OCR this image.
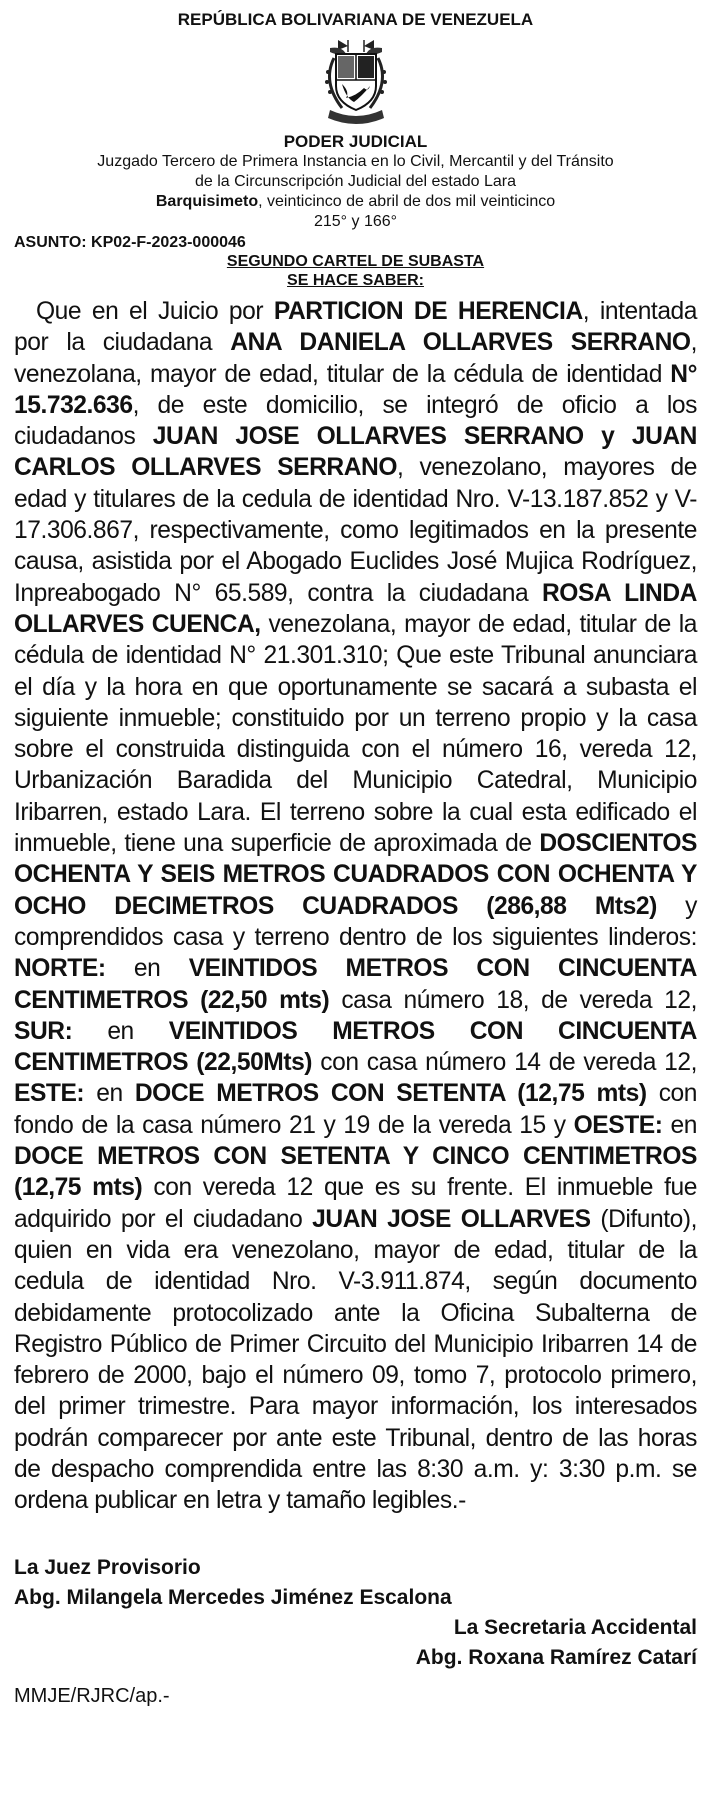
REPÚBLICA BOLIVARIANA DE VENEZUELA
PODER JUDICIAL
Juzgado Tercero de Primera Instancia en lo Civil, Mercantil y del Tránsito
de la Circunscripción Judicial del estado Lara
Barquisimeto, veinticinco de abril de dos mil veinticinco
215° y 166°
ASUNTO: KP02-F-2023-000046
SEGUNDO CARTEL DE SUBASTA
SE HACE SABER:
Que en el Juicio por PARTICION DE HERENCIA, intentada por la ciudadana ANA DANIELA OLLARVES SERRANO, venezolana, mayor de edad, titular de la cédula de identidad N° 15.732.636, de este domicilio, se integró de oficio a los ciudadanos JUAN JOSE OLLARVES SERRANO y JUAN CARLOS OLLARVES SERRANO, venezolano, mayores de edad y titulares de la cedula de identidad Nro. V-13.187.852 y V- 17.306.867, respectivamente, como legitimados en la presente causa, asistida por el Abogado Euclides José Mujica Rodríguez, Inpreabogado N° 65.589, contra la ciudadana ROSA LINDA OLLARVES CUENCA, venezolana, mayor de edad, titular de la cédula de identidad N° 21.301.310; Que este Tribunal anunciara el día y la hora en que oportunamente se sacará a subasta el siguiente inmueble; constituido por un terreno propio y la casa sobre el construida distinguida con el número 16, vereda 12, Urbanización Baradida del Municipio Catedral, Municipio Iribarren, estado Lara. El terreno sobre la cual esta edificado el inmueble, tiene una superficie de aproximada de DOSCIENTOS OCHENTA Y SEIS METROS CUADRADOS CON OCHENTA Y OCHO DECIMETROS CUADRADOS (286,88 Mts2) y comprendidos casa y terreno dentro de los siguientes linderos: NORTE: en VEINTIDOS METROS CON CINCUENTA CENTIMETROS (22,50 mts) casa número 18, de vereda 12, SUR: en VEINTIDOS METROS CON CINCUENTA CENTIMETROS (22,50Mts) con casa número 14 de vereda 12, ESTE: en DOCE METROS CON SETENTA (12,75 mts) con fondo de la casa número 21 y 19 de la vereda 15 y OESTE: en DOCE METROS CON SETENTA Y CINCO CENTIMETROS (12,75 mts) con vereda 12 que es su frente. El inmueble fue adquirido por el ciudadano JUAN JOSE OLLARVES (Difunto), quien en vida era venezolano, mayor de edad, titular de la cedula de identidad Nro. V-3.911.874, según documento debidamente protocolizado ante la Oficina Subalterna de Registro Público de Primer Circuito del Municipio Iribarren 14 de febrero de 2000, bajo el número 09, tomo 7, protocolo primero, del primer trimestre. Para mayor información, los interesados podrán comparecer por ante este Tribunal, dentro de las horas de despacho comprendida entre las 8:30 a.m. y: 3:30 p.m. se ordena publicar en letra y tamaño legibles.-
La Juez Provisorio
Abg. Milangela Mercedes Jiménez Escalona
La Secretaria Accidental
Abg. Roxana Ramírez Catarí
MMJE/RJRC/ap.-
